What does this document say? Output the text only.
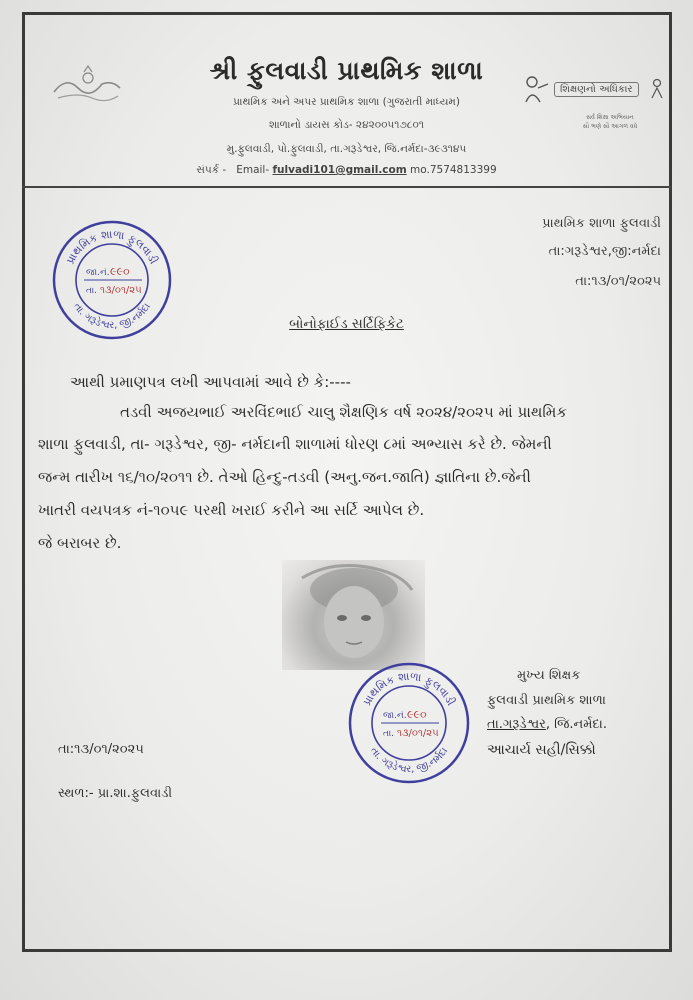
શિક્ષણનો અધિકાર
સર્વ શિક્ષા અભિયાન
સૌ ભણે સૌ આગળ વધે
શ્રી ફુલવાડી પ્રાથમિક શાળા
પ્રાથમિક અને અપર પ્રાથમિક શાળા (ગુજરાતી માધ્યમ)
શાળાનો ડાયસ કોડ- ૨૪૨૦૦૫૧૭૮૦૧
મુ.ફુલવાડી, પો.ફુલવાડી, તા.ગરૂડેશ્વર, જિ.નર્મદા-૩૯૩૧૪૫
સંપર્ક - Email- fulvadi101@gmail.com mo.7574813399
પ્રાથમિક શાળા ફુલવાડી
તા:ગરૂડેશ્વર,જી:નર્મદા
તા:૧૩/૦૧/૨૦૨૫
પ્રાથમિક શાળા ફુલવાડી
તા. ગરૂડેશ્વર, જી.નર્મદા
જા.નં. ૯૯૦
તા. ૧૩/૦૧/૨૫
બોનોફાઈડ સર્ટિફિકેટ
આથી પ્રમાણપત્ર લખી આપવામાં આવે છે કે:----
તડવી અજયભાઈ અરવિંદભાઈ ચાલુ શૈક્ષણિક વર્ષ ૨૦૨૪/૨૦૨૫ માં પ્રાથમિક
શાળા ફુલવાડી, તા- ગરૂડેશ્વર, જી- નર્મદાની શાળામાં ધોરણ ૮માં અભ્યાસ કરે છે. જેમની
જન્મ તારીખ ૧૬/૧૦/૨૦૧૧ છે. તેઓ હિન્દુ-તડવી (અનુ.જન.જાતિ) જ્ઞાતિના છે.જેની
ખાતરી વયપત્રક નં-૧૦૫૯ પરથી ખરાઈ કરીને આ સર્ટિ આપેલ છે.
જે બરાબર છે.
મુખ્ય શિક્ષક
ફુલવાડી પ્રાથમિક શાળા
તા.ગરૂડેશ્વર, જિ.નર્મદા.
આચાર્ય સહી/સિક્કો
પ્રાથમિક શાળા ફુલવાડી
તા. ગરૂડેશ્વર, જી.નર્મદા
જા.નં. ૯૯૦
તા. ૧૩/૦૧/૨૫
તા:૧૩/૦૧/૨૦૨૫
સ્થળ:- પ્રા.શા.ફુલવાડી
